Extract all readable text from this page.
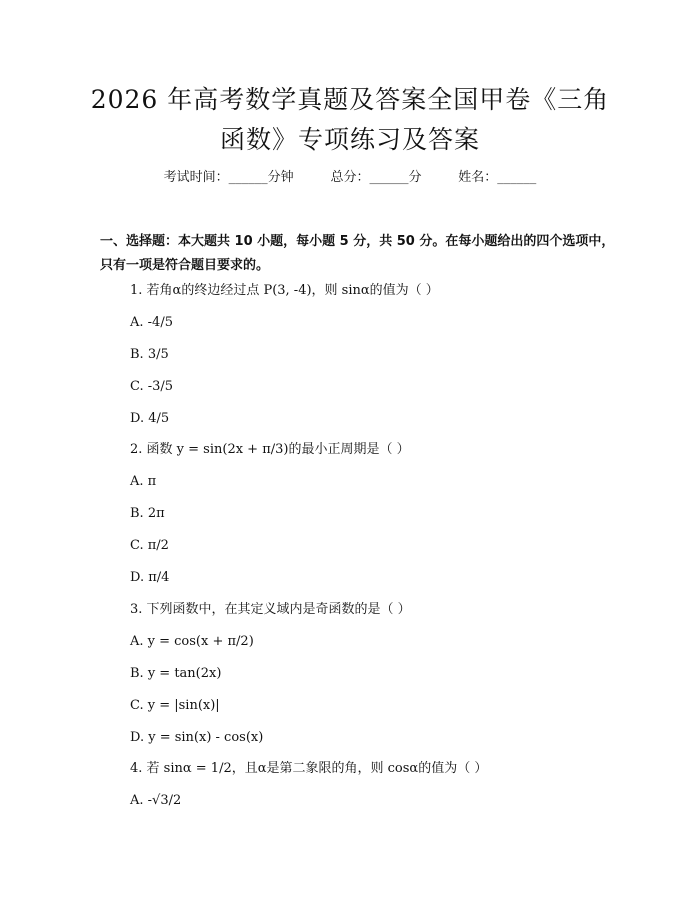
2026 年高考数学真题及答案全国甲卷《三角
函数》专项练习及答案
考试时间：______分钟	总分：______分	姓名：______
一、选择题：本大题共 10 小题，每小题 5 分，共 50 分。在每小题给出的四个选项中，只有一项是符合题目要求的。
1. 若角α的终边经过点 P(3, -4)，则 sinα的值为（ ）
A. -4/5
B. 3/5
C. -3/5
D. 4/5
2. 函数 y = sin(2x + π/3)的最小正周期是（ ）
A. π
B. 2π
C. π/2
D. π/4
3. 下列函数中，在其定义域内是奇函数的是（ ）
A. y = cos(x + π/2)
B. y = tan(2x)
C. y = |sin(x)|
D. y = sin(x) - cos(x)
4. 若 sinα = 1/2，且α是第二象限的角，则 cosα的值为（ ）
A. -√3/2
